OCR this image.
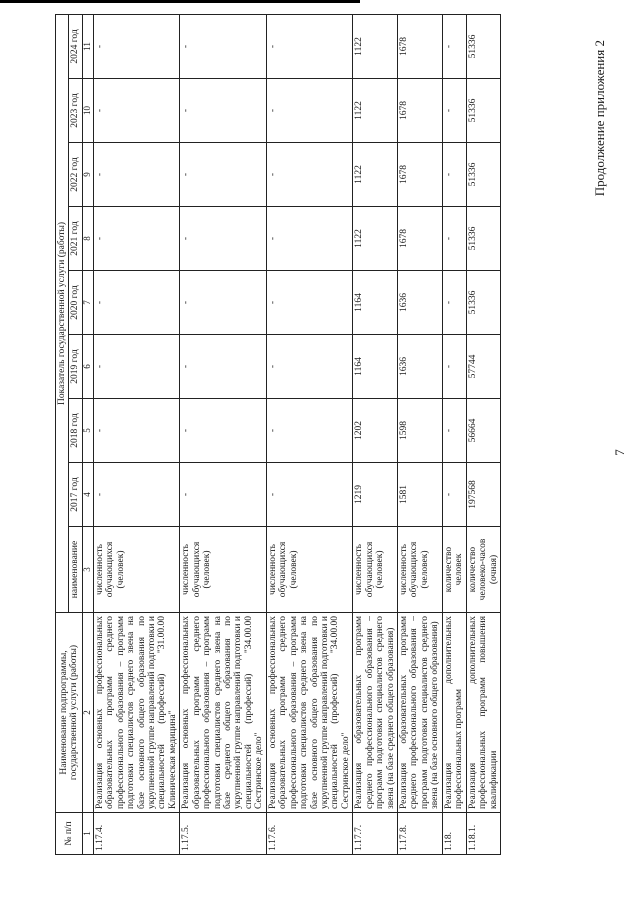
7
Продолжение приложения 2
№ п/п	Наименование подпрограммы, государственной услуги (работы)	Показатель государственной услуги (работы)								
		наименование	2017 год	2018 год	2019 год	2020 год	2021 год	2022 год	2023 год	2024 год
1	2	3	4	5	6	7	8	9	10	11
1.17.4.	Реализация основных профессиональных образовательных программ среднего профессионального образования – программ подготовки специалистов среднего звена на базе основного общего образования по укрупненной группе направлений подготовки и специальностей (профессий) "31.00.00 Клиническая медицина"	численность обучающихся (человек)	-	-	-	-	-	-	-	-
1.17.5.	Реализация основных профессиональных образовательных программ среднего профессионального образования – программ подготовки специалистов среднего звена на базе среднего общего образования по укрупненной группе направлений подготовки и специальностей (профессий) "34.00.00 Сестринское дело"	численность обучающихся (человек)	-	-	-	-	-	-	-	-
1.17.6.	Реализация основных профессиональных образовательных программ среднего профессионального образования – программ подготовки специалистов среднего звена на базе основного общего образования по укрупненной группе направлений подготовки и специальностей (профессий) "34.00.00 Сестринское дело"	численность обучающихся (человек)	-	-	-	-	-	-	-	-
1.17.7.	Реализация образовательных программ среднего профессионального образования – программ подготовки специалистов среднего звена (на базе среднего общего образования)	численность обучающихся (человек)	1219	1202	1164	1164	1122	1122	1122	1122
1.17.8.	Реализация образовательных программ среднего профессионального образования – программ подготовки специалистов среднего звена (на базе основного общего образования)	численность обучающихся (человек)	1581	1598	1636	1636	1678	1678	1678	1678
1.18.	Реализация дополнительных профессиональных программ	количество человек	-	-	-	-	-	-	-	-
1.18.1.	Реализация дополнительных профессиональных программ повышения квалификации	количество человеко-часов (очная)	197568	56664	57744	51336	51336	51336	51336	51336
